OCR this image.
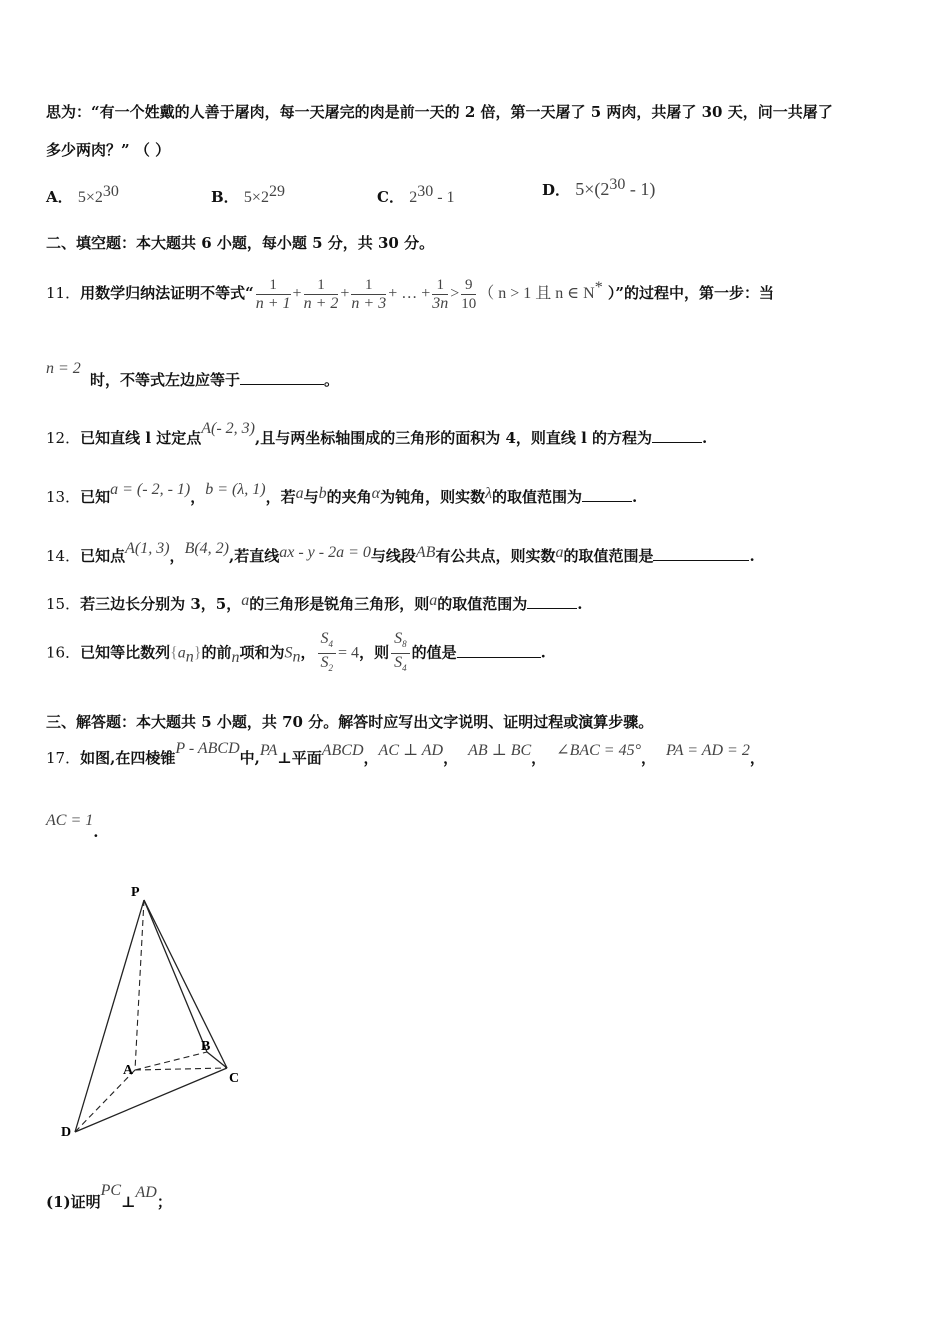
思为：“有一个姓戴的人善于屠肉，每一天屠完的肉是前一天的 2 倍，第一天屠了 5 两肉，共屠了 30 天，问一共屠了
多少两肉？” （ ）
A． $5\times 2^{30}$	B． $5\times 2^{29}$	C． $2^{30} - 1$	D． $5\times(2^{30} - 1)$
二、填空题：本大题共 6 小题，每小题 5 分，共 30 分。
11．用数学归纳法证明不等式“ $\frac{1}{n + 1} + \frac{1}{n + 2} + \frac{1}{n + 3}$ + … + $\frac{1}{3n} > \frac{9}{10}$ （ n > 1 且 n ∈ N* ）”的过程中，第一步：当
n = 2
时，不等式左边应等于	。
12．已知直线 l 过定点A(- 2, 3),且与两坐标轴围成的三角形的面积为 4，则直线 l 的方程为	.
13．已知a = (- 2, - 1)，b = (λ, 1)，若a与b的夹角α为钝角，则实数λ的取值范围为	.
14．已知点A(1, 3)，B(4, 2),若直线ax - y - 2a = 0与线段AB有公共点，则实数a的取值范围是	.
15．若三边长分别为 3，5，a的三角形是锐角三角形，则a的取值范围为	.
16．已知等比数列$\{a_n\}$的前n项和为$S_n$， $\frac{S_4}{S_2} = 4$，则 $\frac{S_8}{S_4}$ 的值是	.
三、解答题：本大题共 5 小题，共 70 分。解答时应写出文字说明、证明过程或演算步骤。
17．如图,在四棱锥P - ABCD中,PA⊥平面ABCD，AC ⊥ AD， AB ⊥ BC， ∠BAC = 45°， PA = AD = 2，
AC = 1.
P
B
A
C
D
(1)证明PC⊥AD；
